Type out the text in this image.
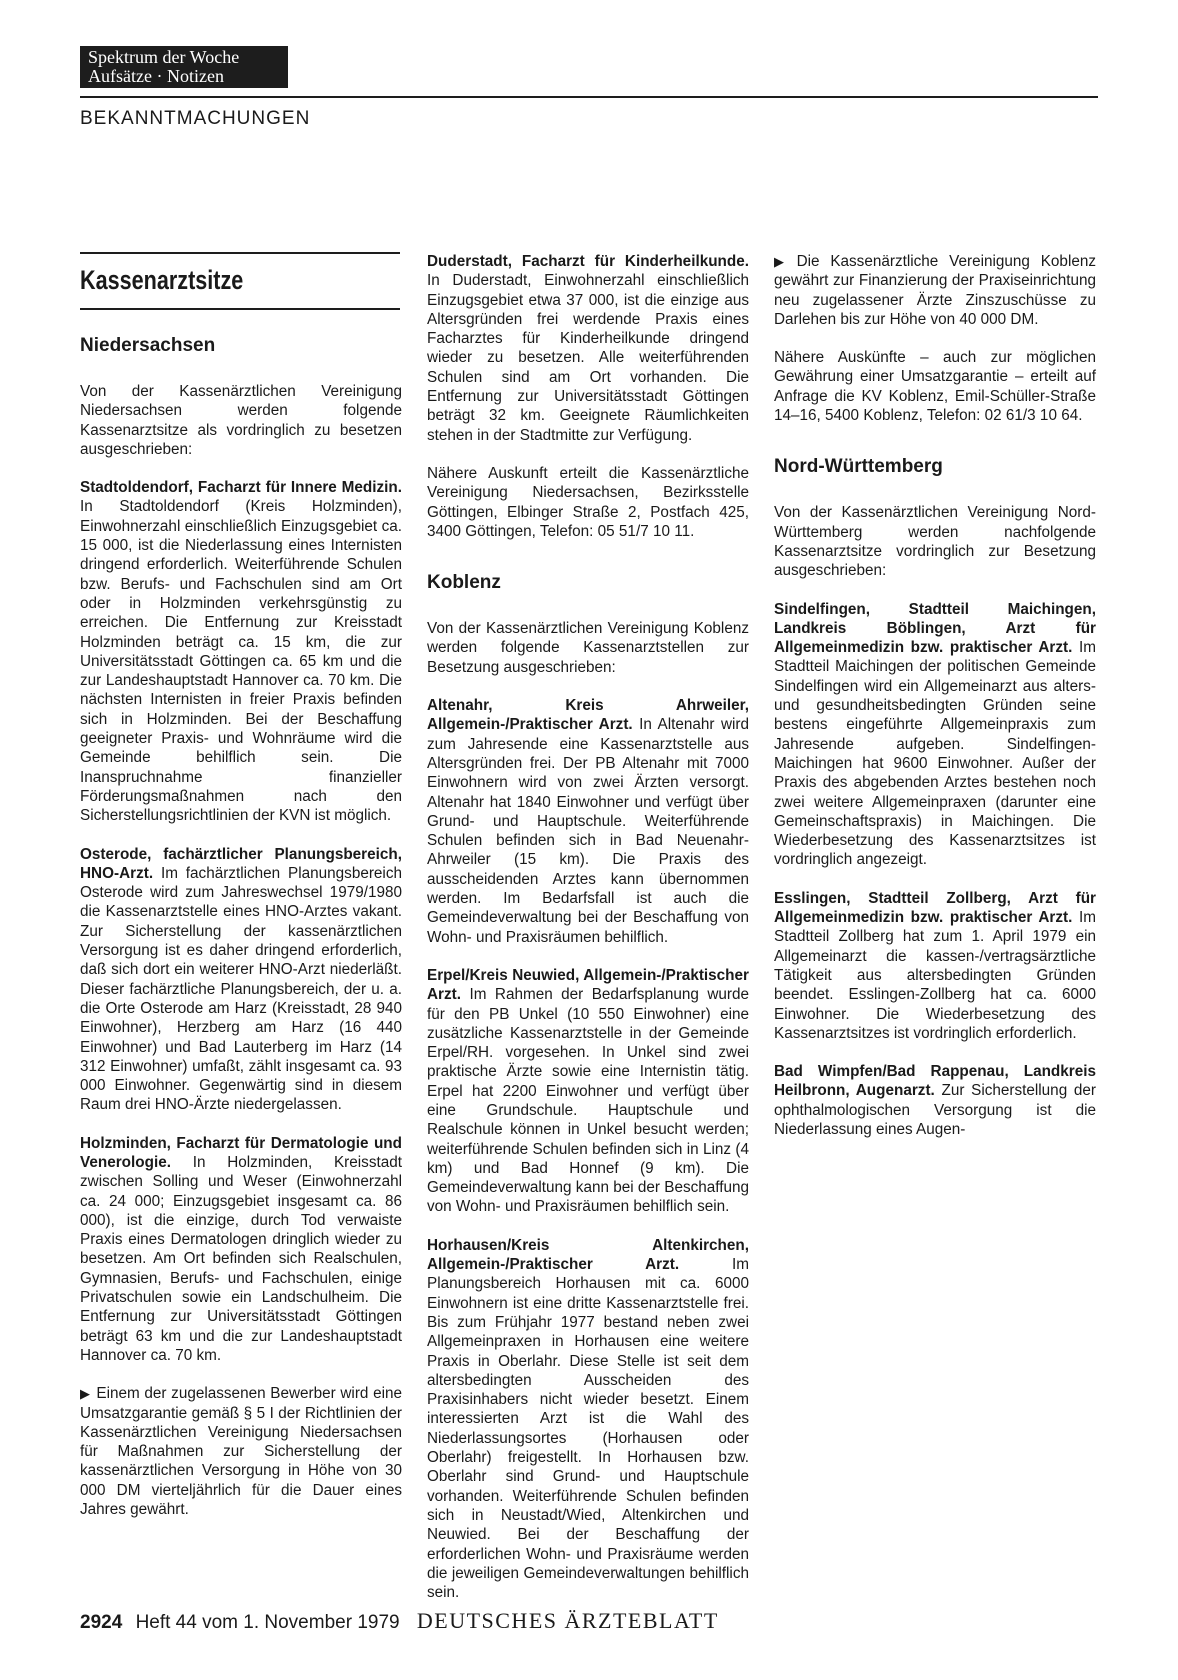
Spektrum der Woche
Aufsätze · Notizen
BEKANNTMACHUNGEN
Kassenarztsitze
Niedersachsen

Von der Kassenärztlichen Vereinigung Niedersachsen werden folgende Kassenarztsitze als vordringlich zu besetzen ausgeschrieben:

Stadtoldendorf, Facharzt für Innere Medizin. In Stadtoldendorf (Kreis Holzminden), Einwohnerzahl einschließlich Einzugsgebiet ca. 15 000, ist die Niederlassung eines Internisten dringend erforderlich. Weiterführende Schulen bzw. Berufs- und Fachschulen sind am Ort oder in Holzminden verkehrsgünstig zu erreichen. Die Entfernung zur Kreisstadt Holzminden beträgt ca. 15 km, die zur Universitätsstadt Göttingen ca. 65 km und die zur Landeshauptstadt Hannover ca. 70 km. Die nächsten Internisten in freier Praxis befinden sich in Holzminden. Bei der Beschaffung geeigneter Praxis- und Wohnräume wird die Gemeinde behilflich sein. Die Inanspruchnahme finanzieller Förderungsmaßnahmen nach den Sicherstellungsrichtlinien der KVN ist möglich.

Osterode, fachärztlicher Planungsbereich, HNO-Arzt. Im fachärztlichen Planungsbereich Osterode wird zum Jahreswechsel 1979/1980 die Kassenarztstelle eines HNO-Arztes vakant. Zur Sicherstellung der kassenärztlichen Versorgung ist es daher dringend erforderlich, daß sich dort ein weiterer HNO-Arzt niederläßt. Dieser fachärztliche Planungsbereich, der u. a. die Orte Osterode am Harz (Kreisstadt, 28 940 Einwohner), Herzberg am Harz (16 440 Einwohner) und Bad Lauterberg im Harz (14 312 Einwohner) umfaßt, zählt insgesamt ca. 93 000 Einwohner. Gegenwärtig sind in diesem Raum drei HNO-Ärzte niedergelassen.

Holzminden, Facharzt für Dermatologie und Venerologie. In Holzminden, Kreisstadt zwischen Solling und Weser (Einwohnerzahl ca. 24 000; Einzugsgebiet insgesamt ca. 86 000), ist die einzige, durch Tod verwaiste Praxis eines Dermatologen dringlich wieder zu besetzen. Am Ort befinden sich Realschulen, Gymnasien, Berufs- und Fachschulen, einige Privatschulen sowie ein Landschulheim. Die Entfernung zur Universitätsstadt Göttingen beträgt 63 km und die zur Landeshauptstadt Hannover ca. 70 km.

▶ Einem der zugelassenen Bewerber wird eine Umsatzgarantie gemäß § 5 I der Richtlinien der Kassenärztlichen Vereinigung Niedersachsen für Maßnahmen zur Sicherstellung der kassenärztlichen Versorgung in Höhe von 30 000 DM vierteljährlich für die Dauer eines Jahres gewährt.

Duderstadt, Facharzt für Kinderheilkunde. In Duderstadt, Einwohnerzahl einschließlich Einzugsgebiet etwa 37 000, ist die einzige aus Altersgründen frei werdende Praxis eines Facharztes für Kinderheilkunde dringend wieder zu besetzen. Alle weiterführenden Schulen sind am Ort vorhanden. Die Entfernung zur Universitätsstadt Göttingen beträgt 32 km. Geeignete Räumlichkeiten stehen in der Stadtmitte zur Verfügung.

Nähere Auskunft erteilt die Kassenärztliche Vereinigung Niedersachsen, Bezirksstelle Göttingen, Elbinger Straße 2, Postfach 425, 3400 Göttingen, Telefon: 05 51/7 10 11.

Koblenz

Von der Kassenärztlichen Vereinigung Koblenz werden folgende Kassenarztstellen zur Besetzung ausgeschrieben:

Altenahr, Kreis Ahrweiler, Allgemein-/Praktischer Arzt. In Altenahr wird zum Jahresende eine Kassenarztstelle aus Altersgründen frei. Der PB Altenahr mit 7000 Einwohnern wird von zwei Ärzten versorgt. Altenahr hat 1840 Einwohner und verfügt über Grund- und Hauptschule. Weiterführende Schulen befinden sich in Bad Neuenahr-Ahrweiler (15 km). Die Praxis des ausscheidenden Arztes kann übernommen werden. Im Bedarfsfall ist auch die Gemeindeverwaltung bei der Beschaffung von Wohn- und Praxisräumen behilflich.

Erpel/Kreis Neuwied, Allgemein-/Praktischer Arzt. Im Rahmen der Bedarfsplanung wurde für den PB Unkel (10 550 Einwohner) eine zusätzliche Kassenarztstelle in der Gemeinde Erpel/RH. vorgesehen. In Unkel sind zwei praktische Ärzte sowie eine Internistin tätig. Erpel hat 2200 Einwohner und verfügt über eine Grundschule. Hauptschule und Realschule können in Unkel besucht werden; weiterführende Schulen befinden sich in Linz (4 km) und Bad Honnef (9 km). Die Gemeindeverwaltung kann bei der Beschaffung von Wohn- und Praxisräumen behilflich sein.

Horhausen/Kreis Altenkirchen, Allgemein-/Praktischer Arzt. Im Planungsbereich Horhausen mit ca. 6000 Einwohnern ist eine dritte Kassenarztstelle frei. Bis zum Frühjahr 1977 bestand neben zwei Allgemeinpraxen in Horhausen eine weitere Praxis in Oberlahr. Diese Stelle ist seit dem altersbedingten Ausscheiden des Praxisinhabers nicht wieder besetzt. Einem interessierten Arzt ist die Wahl des Niederlassungsortes (Horhausen oder Oberlahr) freigestellt. In Horhausen bzw. Oberlahr sind Grund- und Hauptschule vorhanden. Weiterführende Schulen befinden sich in Neustadt/Wied, Altenkirchen und Neuwied. Bei der Beschaffung der erforderlichen Wohn- und Praxisräume werden die jeweiligen Gemeindeverwaltungen behilflich sein.

▶ Die Kassenärztliche Vereinigung Koblenz gewährt zur Finanzierung der Praxiseinrichtung neu zugelassener Ärzte Zinszuschüsse zu Darlehen bis zur Höhe von 40 000 DM.

Nähere Auskünfte – auch zur möglichen Gewährung einer Umsatzgarantie – erteilt auf Anfrage die KV Koblenz, Emil-Schüller-Straße 14–16, 5400 Koblenz, Telefon: 02 61/3 10 64.

Nord-Württemberg

Von der Kassenärztlichen Vereinigung Nord-Württemberg werden nachfolgende Kassenarztsitze vordringlich zur Besetzung ausgeschrieben:

Sindelfingen, Stadtteil Maichingen, Landkreis Böblingen, Arzt für Allgemeinmedizin bzw. praktischer Arzt. Im Stadtteil Maichingen der politischen Gemeinde Sindelfingen wird ein Allgemeinarzt aus alters- und gesundheitsbedingten Gründen seine bestens eingeführte Allgemeinpraxis zum Jahresende aufgeben. Sindelfingen-Maichingen hat 9600 Einwohner. Außer der Praxis des abgebenden Arztes bestehen noch zwei weitere Allgemeinpraxen (darunter eine Gemeinschaftspraxis) in Maichingen. Die Wiederbesetzung des Kassenarztsitzes ist vordringlich angezeigt.

Esslingen, Stadtteil Zollberg, Arzt für Allgemeinmedizin bzw. praktischer Arzt. Im Stadtteil Zollberg hat zum 1. April 1979 ein Allgemeinarzt die kassen-/vertragsärztliche Tätigkeit aus altersbedingten Gründen beendet. Esslingen-Zollberg hat ca. 6000 Einwohner. Die Wiederbesetzung des Kassenarztsitzes ist vordringlich erforderlich.

Bad Wimpfen/Bad Rappenau, Landkreis Heilbronn, Augenarzt. Zur Sicherstellung der ophthalmologischen Versorgung ist die Niederlassung eines Augen-

2924 Heft 44 vom 1. November 1979 DEUTSCHES ÄRZTEBLATT
